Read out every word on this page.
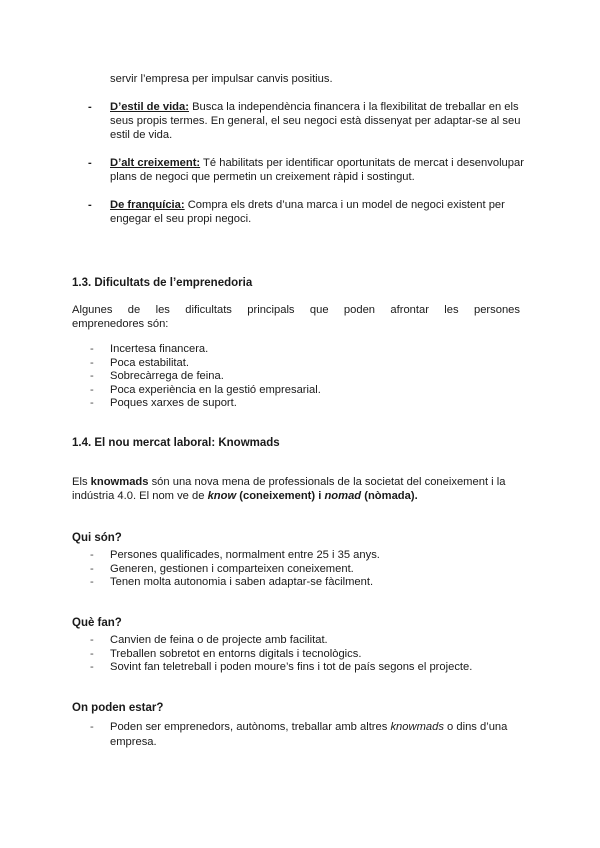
servir l’empresa per impulsar canvis positius.
- D’estil de vida: Busca la independència financera i la flexibilitat de treballar en els seus propis termes. En general, el seu negoci està dissenyat per adaptar-se al seu estil de vida.
- D’alt creixement: Té habilitats per identificar oportunitats de mercat i desenvolupar plans de negoci que permetin un creixement ràpid i sostingut.
- De franquícia: Compra els drets d’una marca i un model de negoci existent per engegar el seu propi negoci.
1.3. Dificultats de l’emprenedoria
Algunes de les dificultats principals que poden afrontar les persones
emprenedores són:
- Incertesa financera.
- Poca estabilitat.
- Sobrecàrrega de feina.
- Poca experiència en la gestió empresarial.
- Poques xarxes de suport.
1.4. El nou mercat laboral: Knowmads
Els knowmads són una nova mena de professionals de la societat del coneixement i la indústria 4.0. El nom ve de know (coneixement) i nomad (nòmada).
Qui són?
- Persones qualificades, normalment entre 25 i 35 anys.
- Generen, gestionen i comparteixen coneixement.
- Tenen molta autonomia i saben adaptar-se fàcilment.
Què fan?
- Canvien de feina o de projecte amb facilitat.
- Treballen sobretot en entorns digitals i tecnològics.
- Sovint fan teletreball i poden moure’s fins i tot de país segons el projecte.
On poden estar?
- Poden ser emprenedors, autònoms, treballar amb altres knowmads o dins d’una empresa.
